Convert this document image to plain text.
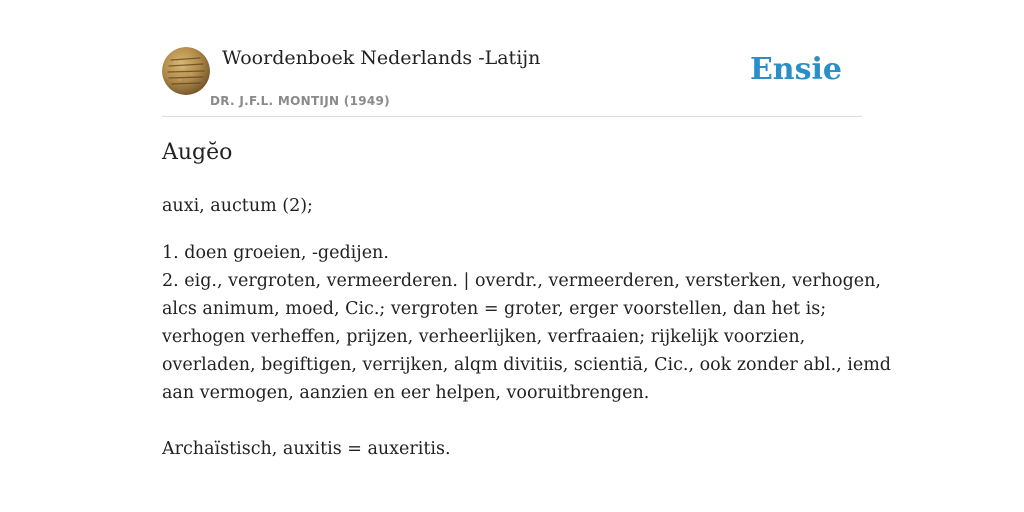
Woordenboek Nederlands -Latijn
DR. J.F.L. MONTIJN (1949)
Ensie
Augĕo
auxi, auctum (2);
1. doen groeien, -gedijen.
2. eig., vergroten, vermeerderen. | overdr., vermeerderen, versterken, verhogen,
alcs animum, moed, Cic.; vergroten = groter, erger voorstellen, dan het is;
verhogen verheffen, prijzen, verheerlijken, verfraaien; rijkelijk voorzien,
overladen, begiftigen, verrijken, alqm divitiis, scientiā, Cic., ook zonder abl., iemd
aan vermogen, aanzien en eer helpen, vooruitbrengen.
Archaïstisch, auxitis = auxeritis.
